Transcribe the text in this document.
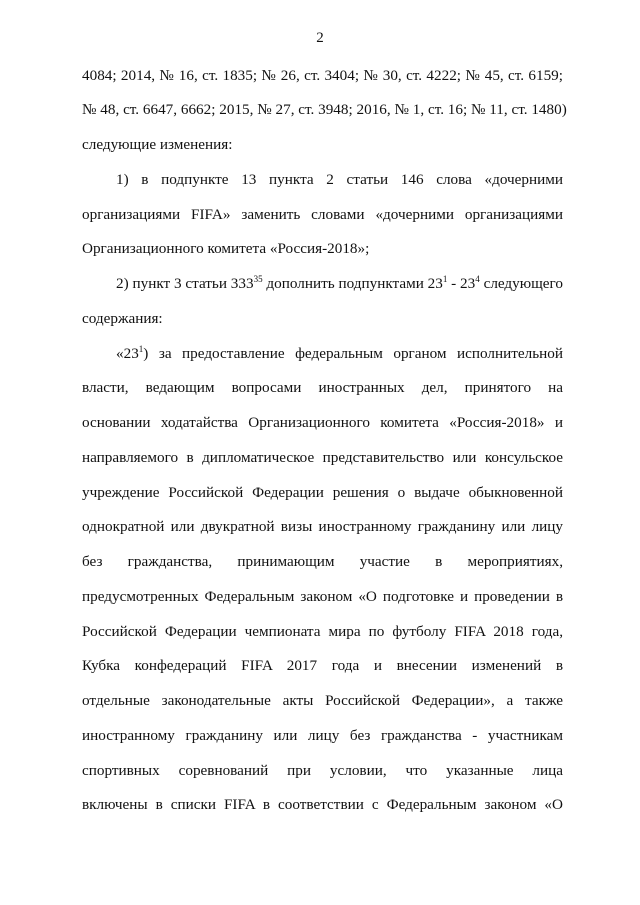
2
4084; 2014, № 16, ст. 1835; № 26, ст. 3404; № 30, ст. 4222; № 45, ст. 6159;
№ 48, ст. 6647, 6662; 2015, № 27, ст. 3948; 2016, № 1, ст. 16; № 11, ст. 1480)
следующие изменения:
1) в подпункте 13 пункта 2 статьи 146 слова «дочерними
организациями FIFA» заменить словами «дочерними организациями
Организационного комитета «Россия-2018»;
2) пункт 3 статьи $333^{35}$ дополнить подпунктами $23^1 - 23^4$ следующего
содержания:
«$23^1$) за предоставление федеральным органом исполнительной
власти, ведающим вопросами иностранных дел, принятого на
основании ходатайства Организационного комитета «Россия-2018» и
направляемого в дипломатическое представительство или консульское
учреждение Российской Федерации решения о выдаче обыкновенной
однократной или двукратной визы иностранному гражданину или лицу
без гражданства, принимающим участие в мероприятиях,
предусмотренных Федеральным законом «О подготовке и проведении в
Российской Федерации чемпионата мира по футболу FIFA 2018 года,
Кубка конфедераций FIFA 2017 года и внесении изменений в
отдельные законодательные акты Российской Федерации», а также
иностранному гражданину или лицу без гражданства - участникам
спортивных соревнований при условии, что указанные лица
включены в списки FIFA в соответствии с Федеральным законом «О
